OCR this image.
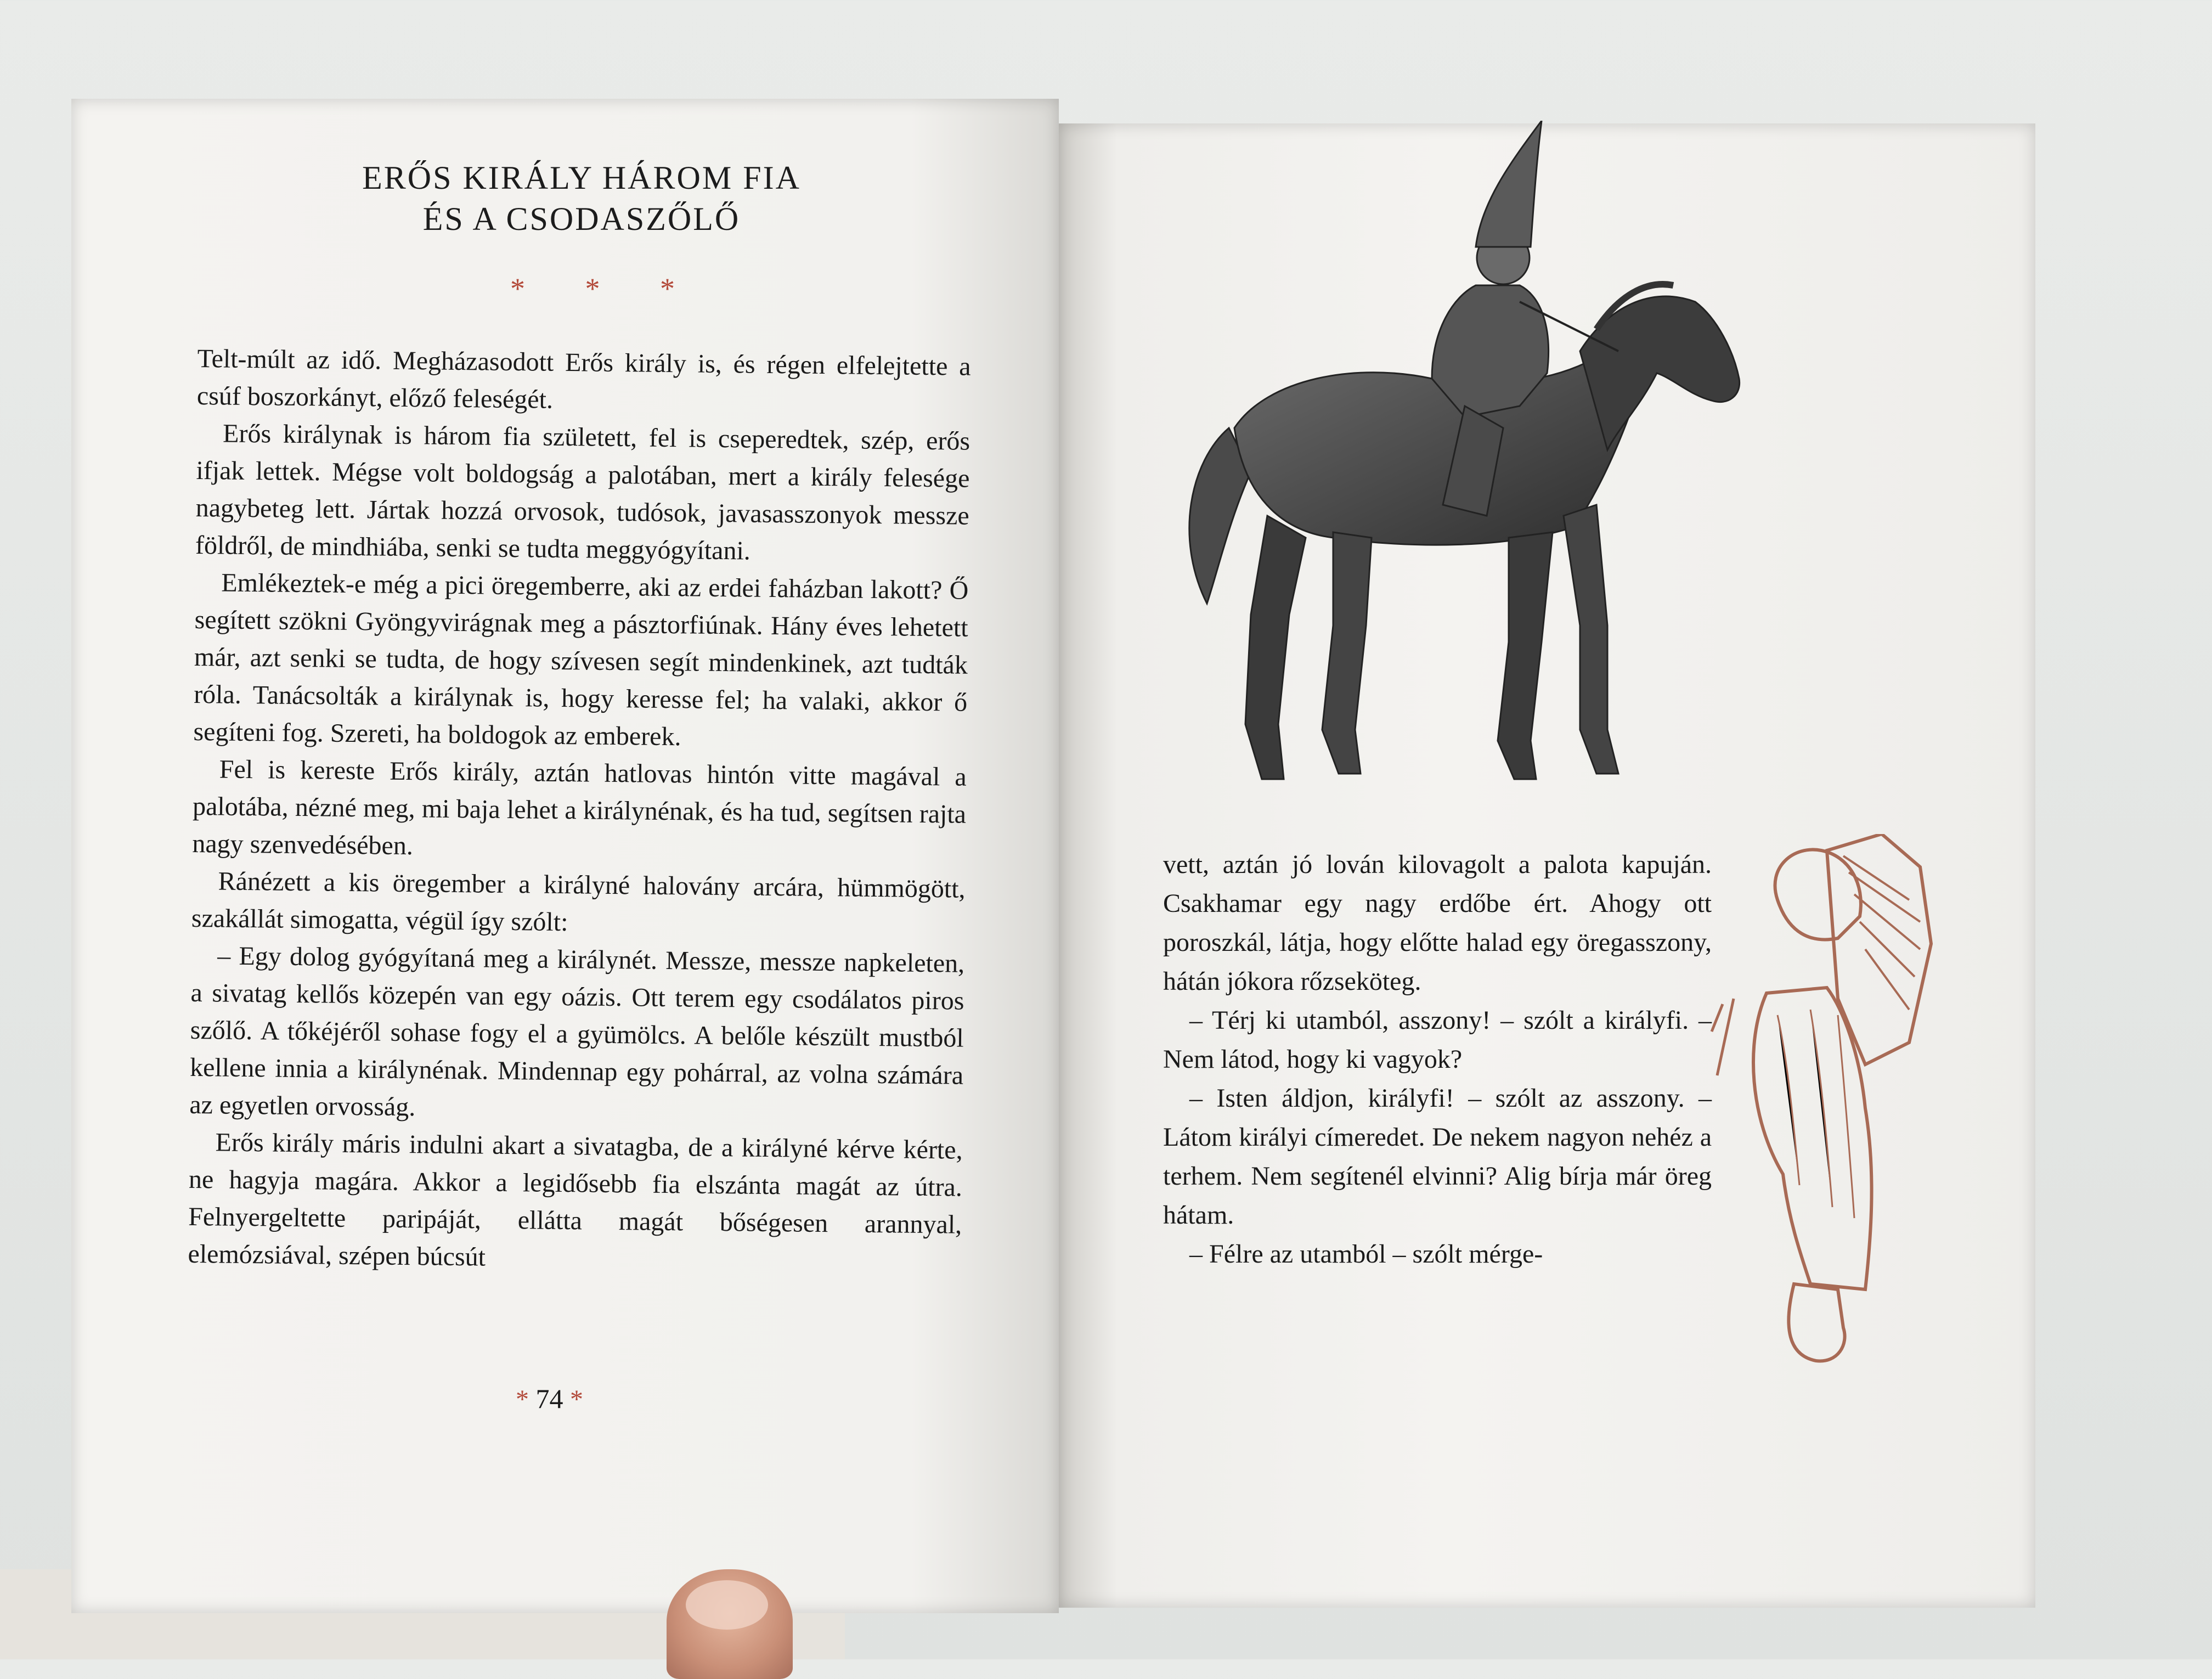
ERŐS KIRÁLY HÁROM FIA
ÉS A CSODASZŐLŐ
* * *

Telt-múlt az idő. Megházasodott Erős király is, és régen elfelejtette a csúf boszorkányt, előző feleségét.

Erős királynak is három fia született, fel is cseperedtek, szép, erős ifjak lettek. Mégse volt boldogság a palotában, mert a király felesége nagybeteg lett. Jártak hozzá orvosok, tudósok, javasasszonyok messze földről, de mindhiába, senki se tudta meggyógyítani.

Emlékeztek-e még a pici öregemberre, aki az erdei faházban lakott? Ő segített szökni Gyöngyvirágnak meg a pásztorfiúnak. Hány éves lehetett már, azt senki se tudta, de hogy szívesen segít mindenkinek, azt tudták róla. Tanácsolták a királynak is, hogy keresse fel; ha valaki, akkor ő segíteni fog. Szereti, ha boldogok az emberek.

Fel is kereste Erős király, aztán hatlovas hintón vitte magával a palotába, nézné meg, mi baja lehet a királynénak, és ha tud, segítsen rajta nagy szenvedésében.

Ránézett a kis öregember a királyné halovány arcára, hümmögött, szakállát simogatta, végül így szólt:

– Egy dolog gyógyítaná meg a királynét. Messze, messze napkeleten, a sivatag kellős közepén van egy oázis. Ott terem egy csodálatos piros szőlő. A tőkéjéről sohase fogy el a gyümölcs. A belőle készült mustból kellene innia a királynénak. Mindennap egy pohárral, az volna számára az egyetlen orvosság.

Erős király máris indulni akart a sivatagba, de a királyné kérve kérte, ne hagyja magára. Akkor a legidősebb fia elszánta magát az útra. Felnyergeltette paripáját, ellátta magát bőségesen arannyal, elemózsiával, szépen búcsút

* 74 *

vett, aztán jó lován kilovagolt a palota kapuján. Csakhamar egy nagy erdőbe ért. Ahogy ott poroszkál, látja, hogy előtte halad egy öregasszony, hátán jókora rőzseköteg.

– Térj ki utamból, asszony! – szólt a királyfi. – Nem látod, hogy ki vagyok?

– Isten áldjon, királyfi! – szólt az asszony. – Látom királyi címeredet. De nekem nagyon nehéz a terhem. Nem segítenél elvinni? Alig bírja már öreg hátam.

– Félre az utamból – szólt mérge-
